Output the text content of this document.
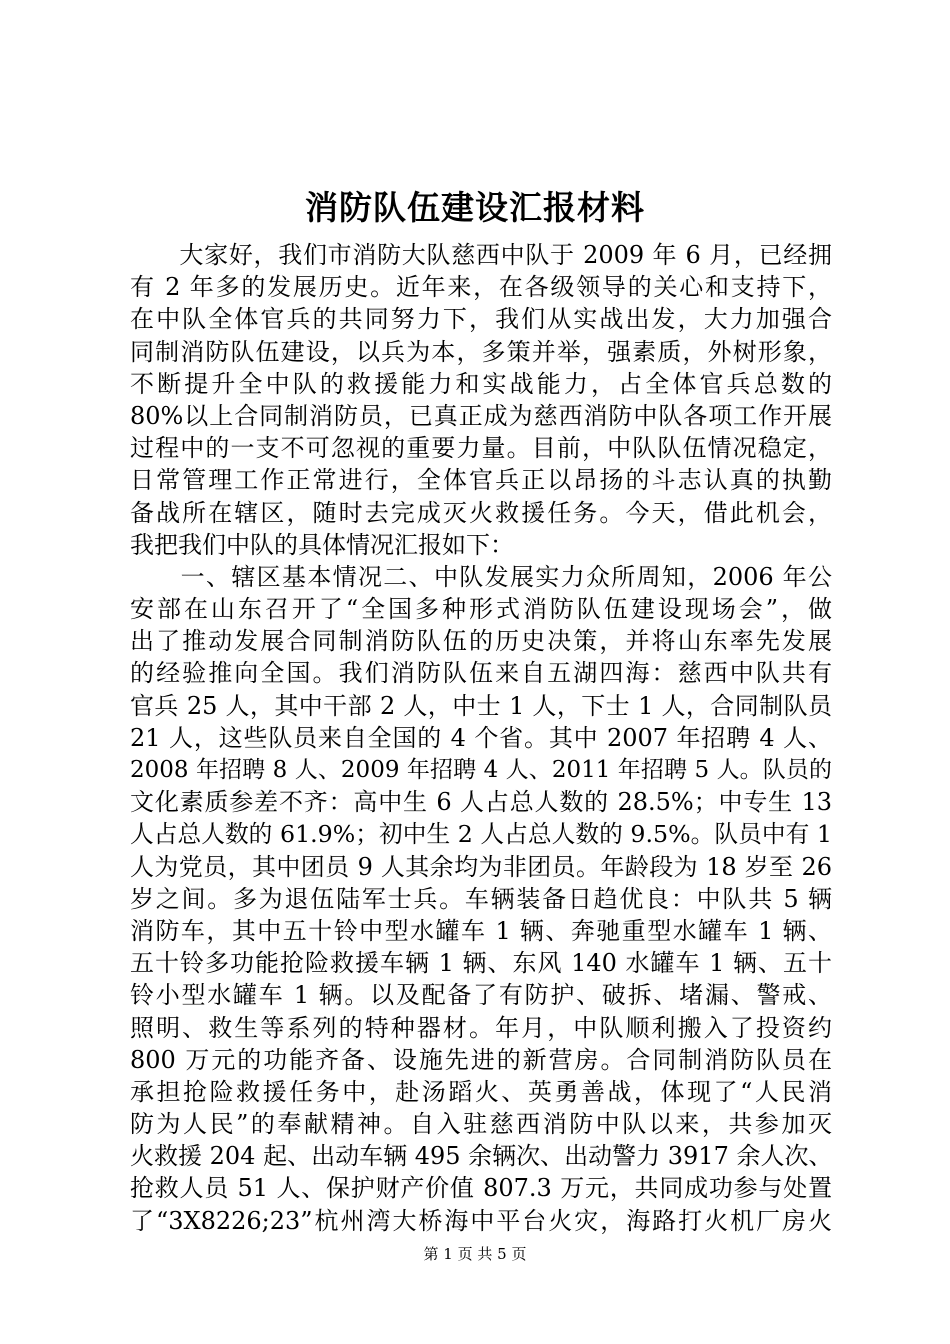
消防队伍建设汇报材料
　　大家好，我们市消防大队慈西中队于 2009 年 6 月，已经拥
有 2 年多的发展历史。近年来，在各级领导的关心和支持下，
在中队全体官兵的共同努力下，我们从实战出发，大力加强合
同制消防队伍建设，以兵为本，多策并举，强素质，外树形象，
不断提升全中队的救援能力和实战能力，占全体官兵总数的
80%以上合同制消防员，已真正成为慈西消防中队各项工作开展
过程中的一支不可忽视的重要力量。目前，中队队伍情况稳定，
日常管理工作正常进行，全体官兵正以昂扬的斗志认真的执勤
备战所在辖区，随时去完成灭火救援任务。今天，借此机会，
我把我们中队的具体情况汇报如下：
　　一、辖区基本情况二、中队发展实力众所周知，2006 年公
安部在山东召开了“全国多种形式消防队伍建设现场会”，做
出了推动发展合同制消防队伍的历史决策，并将山东率先发展
的经验推向全国。我们消防队伍来自五湖四海：慈西中队共有
官兵 25 人，其中干部 2 人，中士 1 人，下士 1 人，合同制队员
21 人，这些队员来自全国的 4 个省。其中 2007 年招聘 4 人、
2008 年招聘 8 人、2009 年招聘 4 人、2011 年招聘 5 人。队员的
文化素质参差不齐：高中生 6 人占总人数的 28.5%；中专生 13
人占总人数的 61.9%；初中生 2 人占总人数的 9.5%。队员中有 1
人为党员，其中团员 9 人其余均为非团员。年龄段为 18 岁至 26
岁之间。多为退伍陆军士兵。车辆装备日趋优良：中队共 5 辆
消防车，其中五十铃中型水罐车 1 辆、奔驰重型水罐车 1 辆、
五十铃多功能抢险救援车辆 1 辆、东风 140 水罐车 1 辆、五十
铃小型水罐车 1 辆。以及配备了有防护、破拆、堵漏、警戒、
照明、救生等系列的特种器材。年月，中队顺利搬入了投资约
800 万元的功能齐备、设施先进的新营房。合同制消防队员在
承担抢险救援任务中，赴汤蹈火、英勇善战，体现了“人民消
防为人民”的奉献精神。自入驻慈西消防中队以来，共参加灭
火救援 204 起、出动车辆 495 余辆次、出动警力 3917 余人次、
抢救人员 51 人、保护财产价值 807.3 万元，共同成功参与处置
了“3X8226;23”杭州湾大桥海中平台火灾，海路打火机厂房火
第 1 页 共 5 页
